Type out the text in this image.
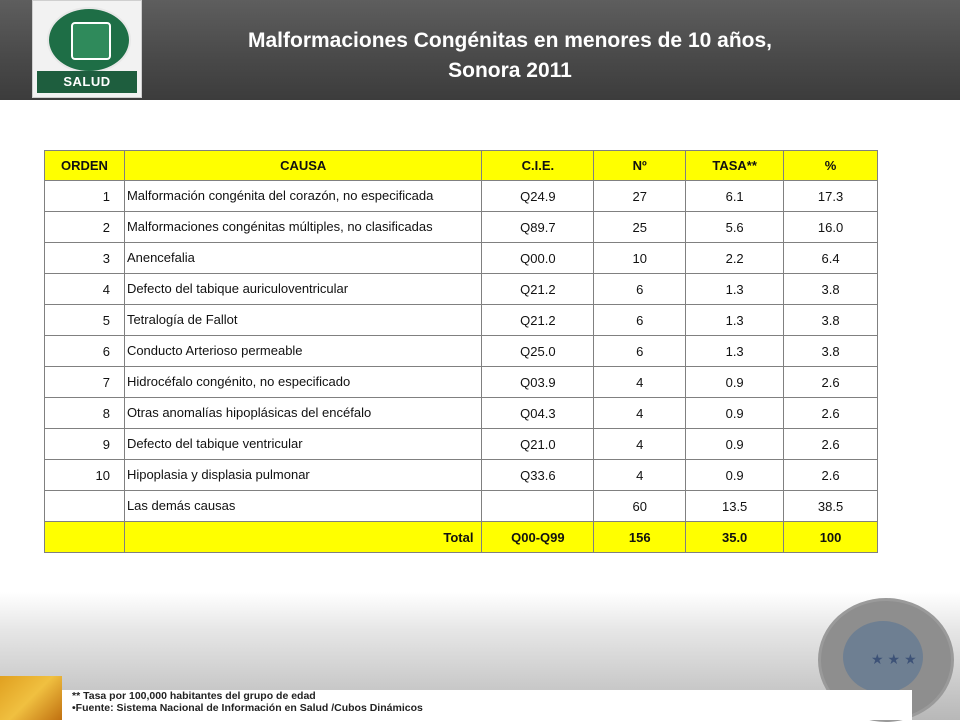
SALUD
Malformaciones Congénitas en menores de 10 años,
Sonora 2011
ORDEN	CAUSA	C.I.E.	Nº	TASA**	%
1	Malformación congénita del corazón, no especificada	Q24.9	27	6.1	17.3
2	Malformaciones congénitas múltiples, no clasificadas	Q89.7	25	5.6	16.0
3	Anencefalia	Q00.0	10	2.2	6.4
4	Defecto del tabique auriculoventricular	Q21.2	6	1.3	3.8
5	Tetralogía de Fallot	Q21.2	6	1.3	3.8
6	Conducto Arterioso permeable	Q25.0	6	1.3	3.8
7	Hidrocéfalo congénito, no especificado	Q03.9	4	0.9	2.6
8	Otras anomalías hipoplásicas del encéfalo	Q04.3	4	0.9	2.6
9	Defecto del tabique ventricular	Q21.0	4	0.9	2.6
10	Hipoplasia y displasia pulmonar	Q33.6	4	0.9	2.6
	Las demás causas		60	13.5	38.5
	Total	Q00-Q99	156	35.0	100
★★★
** Tasa por 100,000 habitantes del grupo de edad
•Fuente: Sistema Nacional de Información en Salud /Cubos Dinámicos
